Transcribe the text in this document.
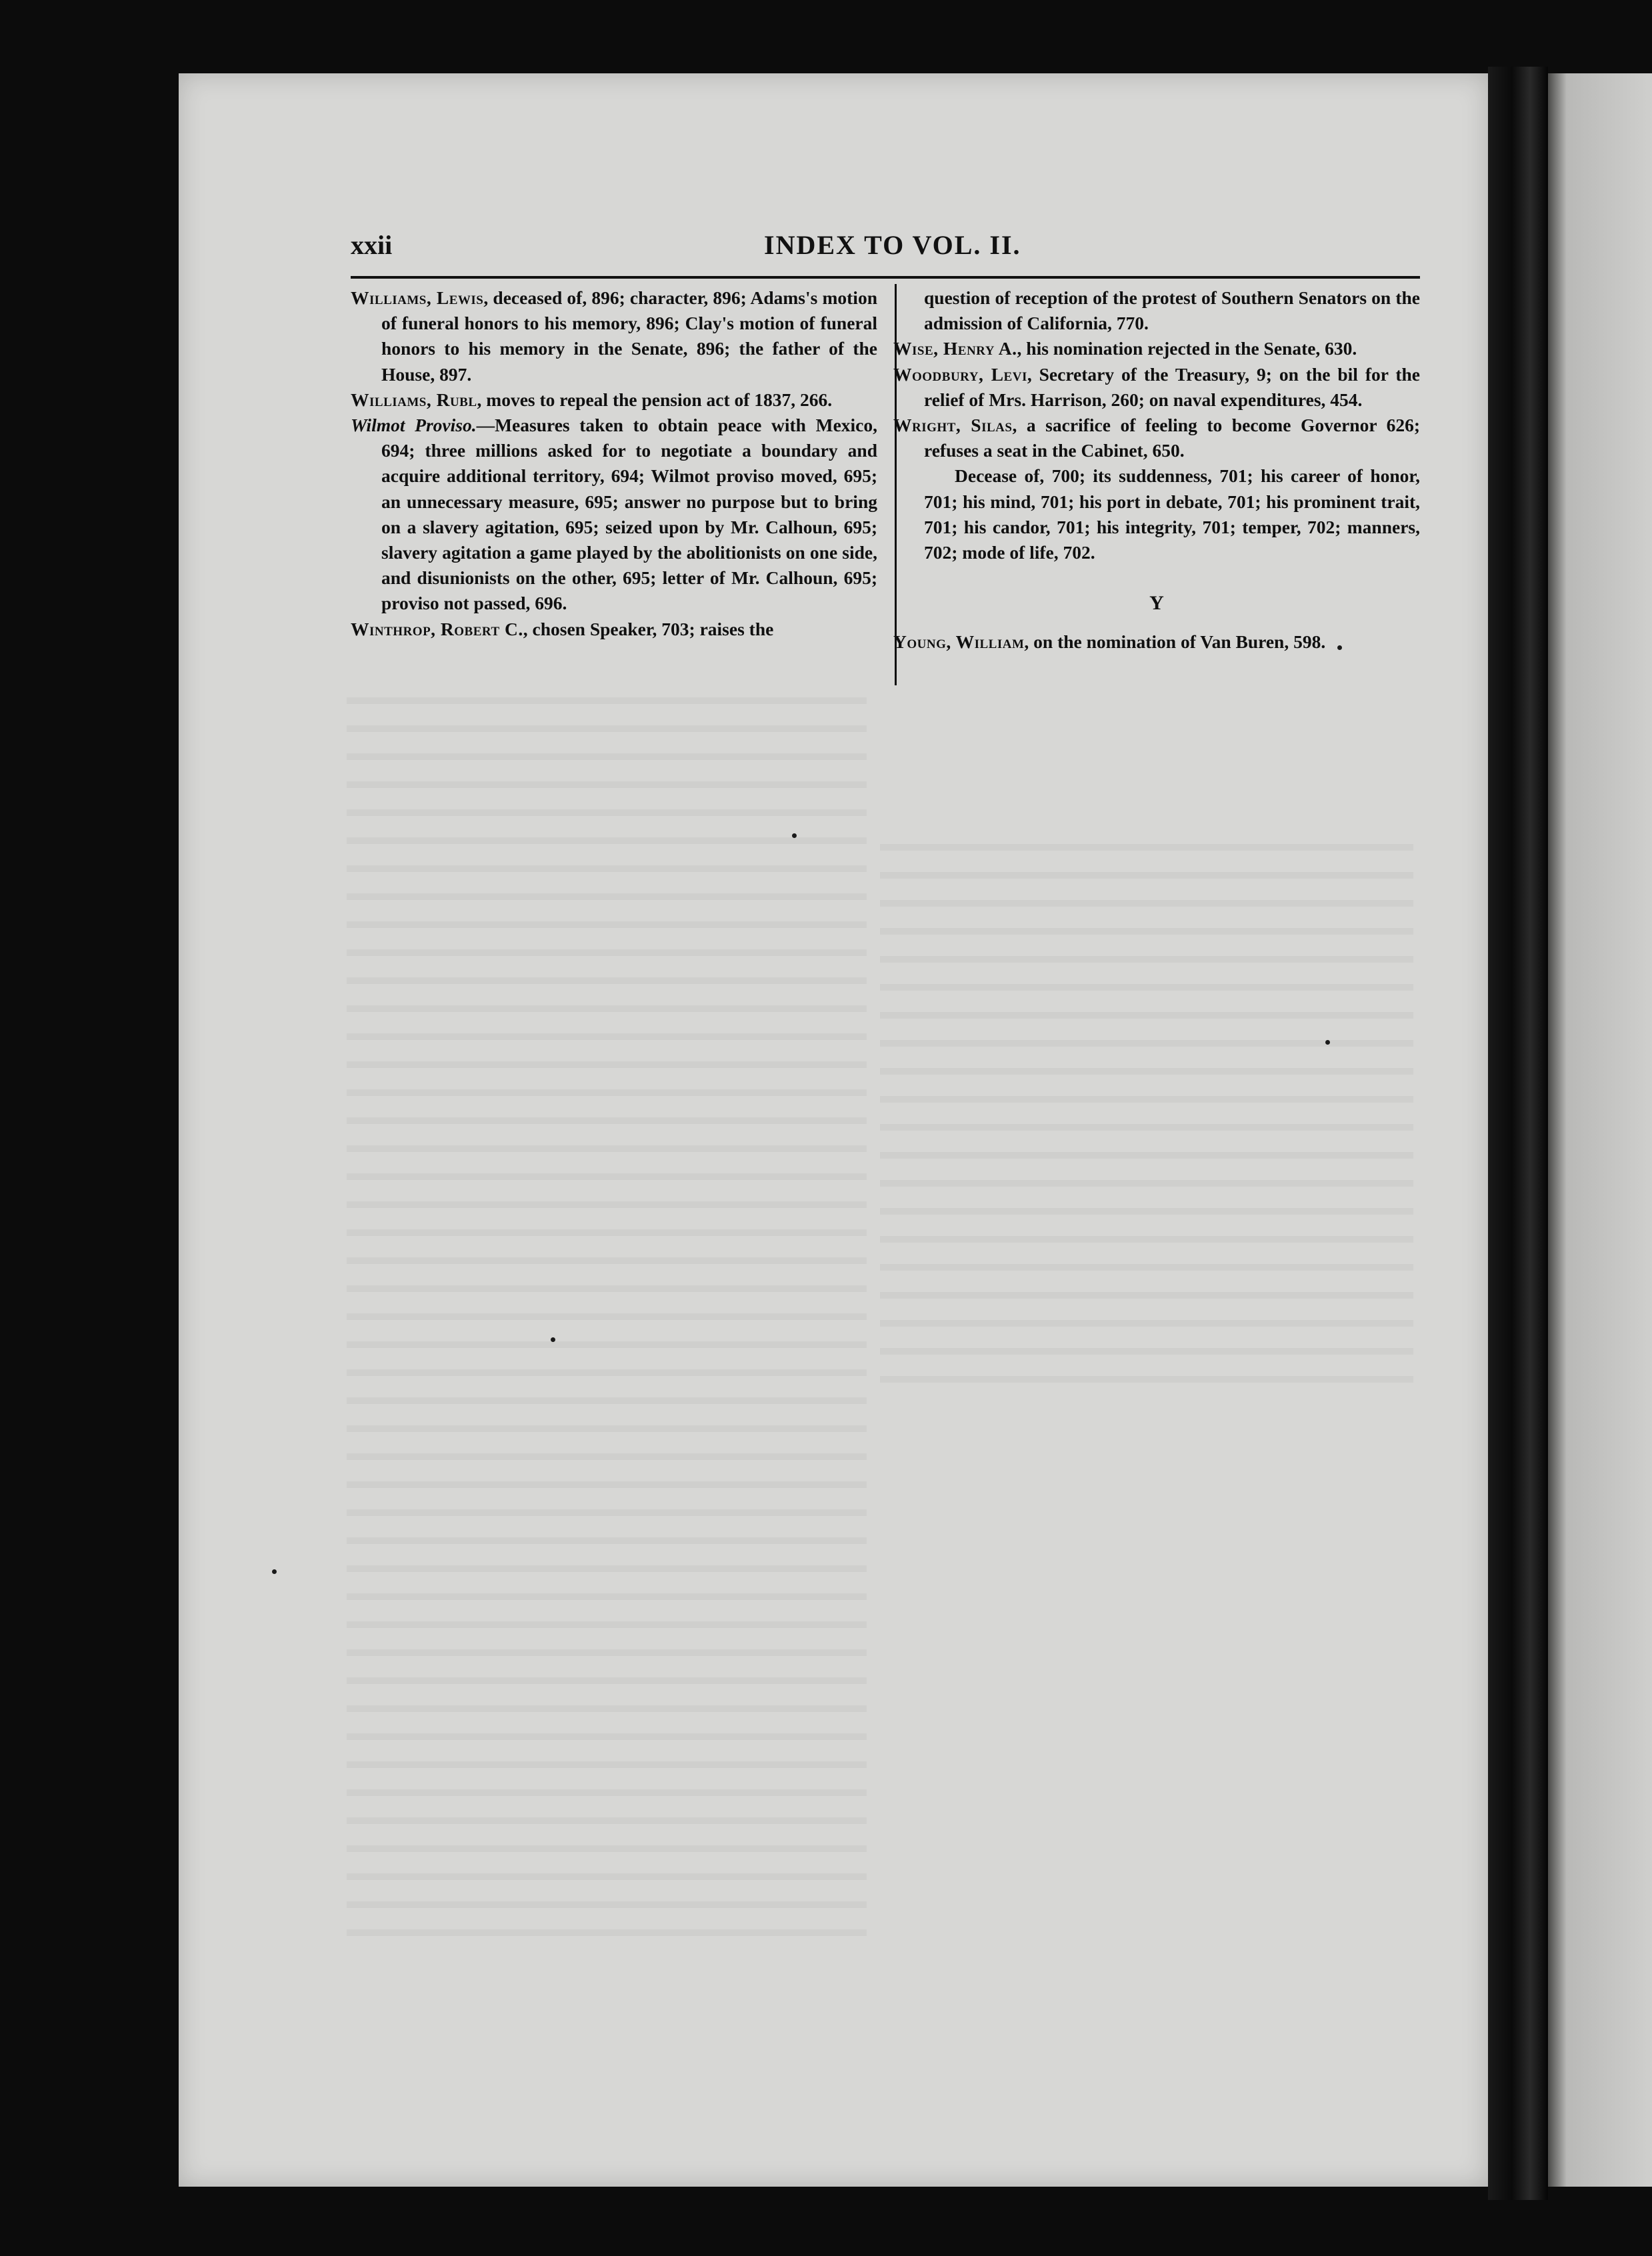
xxii	INDEX TO VOL. II.

Williams, Lewis, deceased of, 896; character, 896; Adams's motion of funeral honors to his memory, 896; Clay's motion of funeral honors to his memory in the Senate, 896; the father of the House, 897.

Williams, Rubl, moves to repeal the pension act of 1837, 266.

Wilmot Proviso.—Measures taken to obtain peace with Mexico, 694; three millions asked for to negotiate a boundary and acquire additional territory, 694; Wilmot proviso moved, 695; an unnecessary measure, 695; answer no purpose but to bring on a slavery agitation, 695; seized upon by Mr. Calhoun, 695; slavery agitation a game played by the abolitionists on one side, and disunionists on the other, 695; letter of Mr. Calhoun, 695; proviso not passed, 696.

Winthrop, Robert C., chosen Speaker, 703; raises the

question of reception of the protest of Southern Senators on the admission of California, 770.

Wise, Henry A., his nomination rejected in the Senate, 630.

Woodbury, Levi, Secretary of the Treasury, 9; on the bil for the relief of Mrs. Harrison, 260; on naval expenditures, 454.

Wright, Silas, a sacrifice of feeling to become Governor 626; refuses a seat in the Cabinet, 650.

Decease of, 700; its suddenness, 701; his career of honor, 701; his mind, 701; his port in debate, 701; his prominent trait, 701; his candor, 701; his integrity, 701; temper, 702; manners, 702; mode of life, 702.

Y

Young, William, on the nomination of Van Buren, 598.
